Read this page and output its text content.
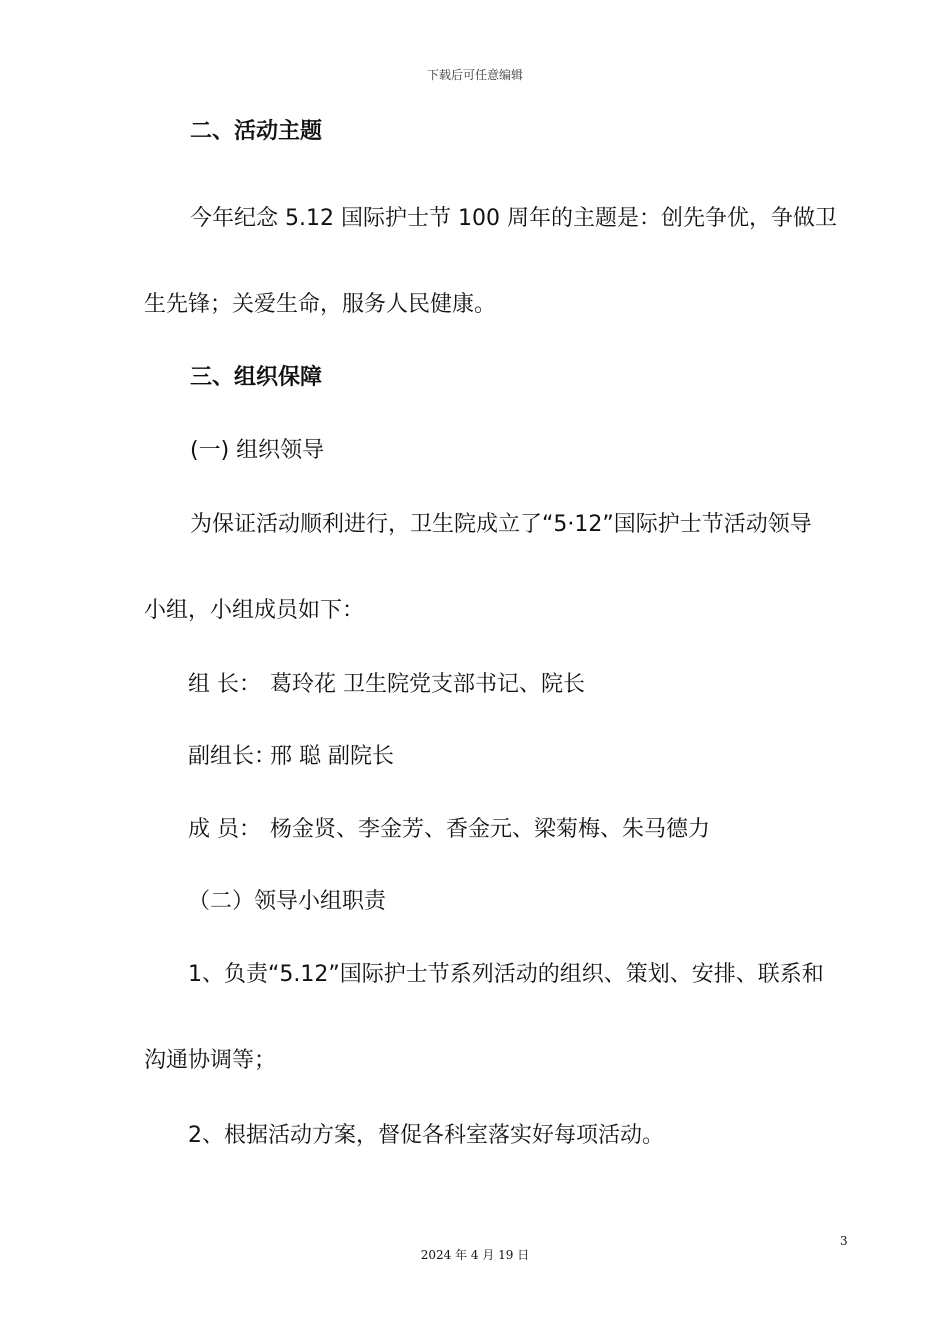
下载后可任意编辑
二、活动主题
今年纪念 5.12 国际护士节 100 周年的主题是：创先争优，争做卫
生先锋；关爱生命，服务人民健康。
三、组织保障
(一) 组织领导
为保证活动顺利进行，卫生院成立了“5·12”国际护士节活动领导
小组，小组成员如下：
组 长： 葛玲花 卫生院党支部书记、院长
副组长：邢 聪 副院长
成 员： 杨金贤、李金芳、香金元、梁菊梅、朱马德力
（二）领导小组职责
1、负责“5.12”国际护士节系列活动的组织、策划、安排、联系和
沟通协调等；
2、根据活动方案，督促各科室落实好每项活动。
3
2024 年 4 月 19 日
